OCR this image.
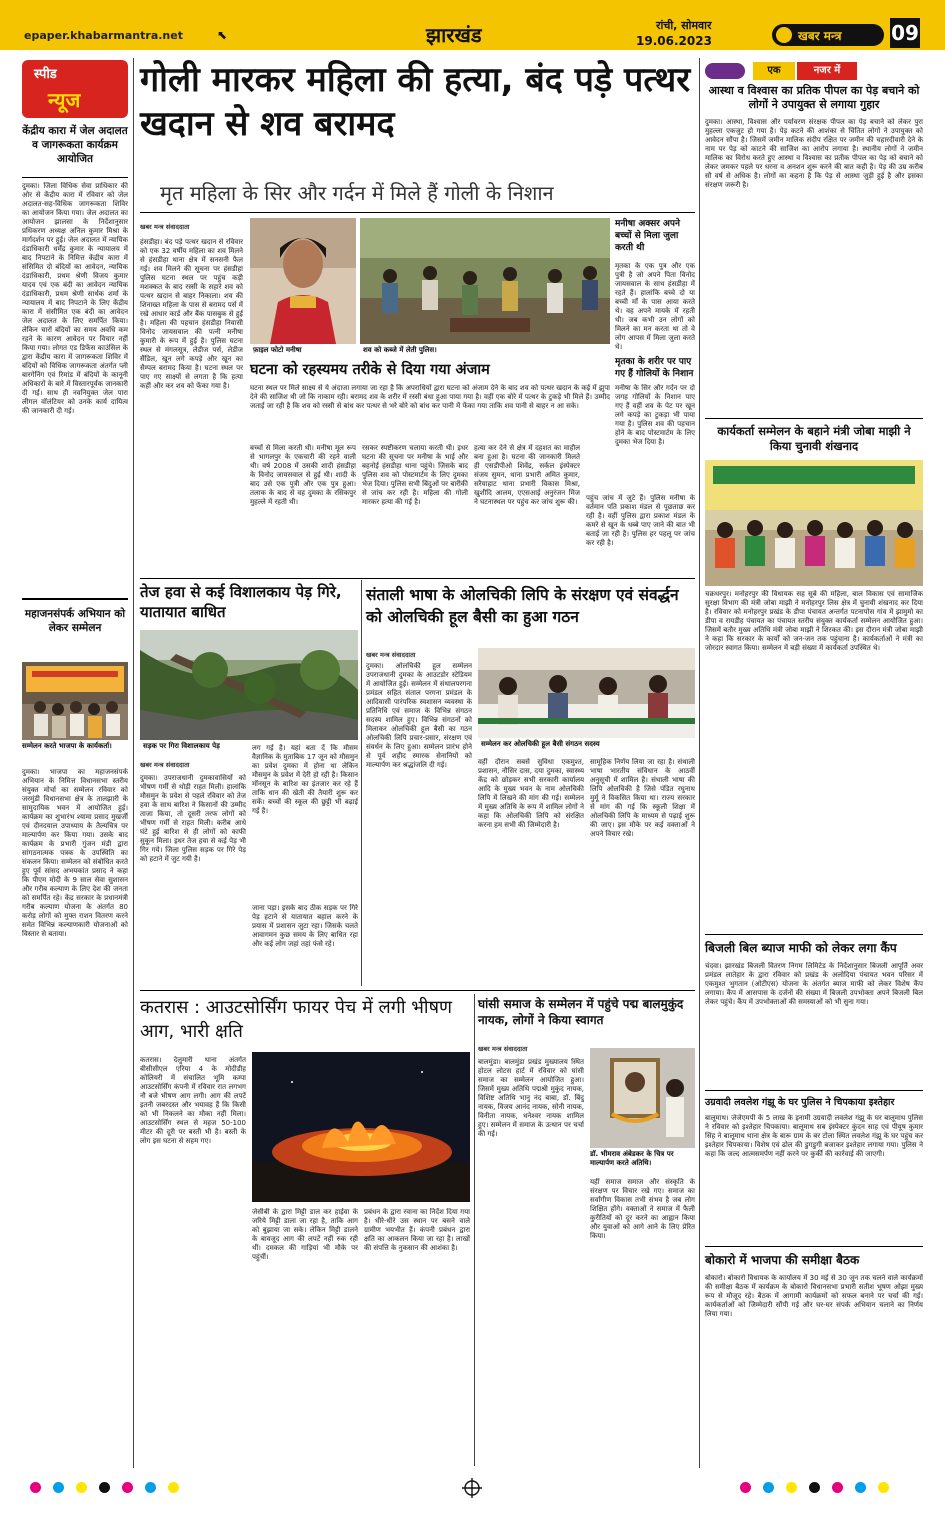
epaper.khabarmantra.net	⬉	झारखंड	रांची, सोमवार
19.06.2023	खबर मन्त्र 09
स्पीड
न्यूज
केंद्रीय कारा में जेल अदालत व जागरूकता कार्यक्रम आयोजित
दुमका। जिला विधिक सेवा प्राधिकार की ओर से केंद्रीय कारा में रविवार को जेल अदालत-सह-विधिक जागरूकता शिविर का आयोजन किया गया। जेल अदालत का आयोजन झालसा के निर्देशानुसार प्रधिकरण अध्यक्ष अनिल कुमार मिश्रा के मार्गदर्शन पर हुई। जेल अदालत में न्यायिक दंडाधिकारी धर्मेंद्र कुमार के न्यायालय में बाद निपटाने के निमित्त केंद्रीय कारा में संसिमित दो बंदियों का आवेदन, न्यायिक दंडाधिकारी, प्रथम श्रेणी विजय कुमार यादव एवं एक बंदी का आवेदन न्यायिक दंडाधिकारी, प्रथम श्रेणी सार्थक शर्मा के न्यायालय में बाद निपटाने के लिए केंद्रीय कारा में संसीमित एक बंदी का आवेदन जेल अदालत के लिए समर्पित किया। लेकिन चारों बंदियों का समय अवधि कम रहने के कारण आवेदन पर विचार नहीं किया गया। लोगत एड डिफेंस काउंसिल के द्वारा केंद्रीय कारा में जागरूकता शिविर में बंदियों को विधिक जागरूकता अंतर्गत प्ली बारगेनिंग एवं रिमांड में बंदियों के कानूनी अधिकारों के बारे में विस्तारपूर्वक जानकारी दी गई। साथ ही नवनियुक्त जेल पारा लीगल वॉलंटियर को उनके कार्य दायित्व की जानकारी दी गई।
महाजनसंपर्क अभियान को लेकर सम्मेलन
सम्मेलन करते भाजपा के कार्यकर्ता।
दुमका। भाजपा का महाजनसंपर्क अभियान के निमित्त विधानसभा स्तरीय संयुक्त मोर्चा का सम्मेलन रविवार को जरमुंडी विधानसभा क्षेत्र के तालझारी के सामुदायिक भवन में आयोजित हुई। कार्यक्रम का शुभारंभ श्यामा प्रसाद मुखर्जी एवं दीनदयाल उपाध्याय के तैल्यचित्र पर माल्यार्पण कर किया गया। उसके बाद कार्यक्रम के प्रभारी गुंजन मंडी द्वारा सांगठनात्मक पत्रक के उपस्थिति का संकलन किया। सम्मेलन को संबोधित करते हुए पूर्व सांसद अभयकांत प्रसाद ने कहा कि पीएम मोदी के 9 साल सेवा सुशासन और गरीब कल्याण के लिए देश की जनता को समर्पित रहे। केंद्र सरकार के प्रधानमंत्री गरीब कल्याण योजना के अंतर्गत 80 करोड़ लोगों को मुफ्त राशन वितरण करने समेत विभिन्न कल्याणकारी योजनाओं को विस्तार से बताया।
गोली मारकर महिला की हत्या, बंद पड़े पत्थर खदान से शव बरामद
मृत महिला के सिर और गर्दन में मिले हैं गोली के निशान
खबर मन्त्र संवाददाता
हंसडीहा। बंद पड़े पत्थर खदान से रविवार को एक 32 वर्षीय महिला का शव मिलने से हंसडीहा थाना क्षेत्र में सनसनी फैल गई। शव मिलने की सूचना पर हंसडीहा पुलिस घटना स्थल पर पहुंच कड़ी मशक्कत के बाद रस्सी के सहारे शव को पत्थर खदान से बाहर निकाला। शव की शिनाख्त महिला के पास से बरामद पर्स में रखे आधार कार्ड और बैंक पासबुक से हुई है। महिला की पहचान हंसडीहा निवासी विनोद जायसवाल की पत्नी मनीषा कुमारी के रूप में हुई है। पुलिस घटना स्थल से मंगलसूत्र, लेडीज पर्स, लेडीज सैंडिल, खून लगे कपड़े और खून का सैम्पल बरामद किया है। घटना स्थल पर पाए गए साक्ष्यों से लगता है कि हत्या कहीं और कर शव को फेंका गया है।
फ़ाइल फोटो मनीषा	शव को कब्जे में लेती पुलिस।
मनीषा अक्सर अपने बच्चों से मिला जुला करती थी
मृतका के एक पुत्र और एक पुत्री है जो अपने पिता विनोद जायसवाल के साथ हंसडीहा में रहते हैं। हालांकि बच्चे दो या बच्ची माँ के पास आया करते थे। वह अपने मायके में रहती थी। जब कभी उन लोगों को मिलने का मन करता था तो वे लोग आपस में मिला जुला करते थे।
घटना को रहस्यमय तरीके से दिया गया अंजाम
घटना स्थल पर मिले साक्ष्य से ये अंदाजा लगाया जा रहा है कि अपराधियों द्वारा घटना को अंजाम देने के बाद शव को पत्थर खदान के कई में झुपा देने की साजिश थी जो कि नाकाम रही। बरामद शव के शरीर में रस्सी बंधा हुआ पाया गया है। वहीं एक बोरे में पत्थर के टुकड़े भी मिले हैं। उम्मीद जताई जा रही है कि शव को रस्सी से बांध कर पत्थर से भरे बोरे को बांध कर पानी में फेंका गया ताकि शव पानी से बाहर न आ सके।
मृतका के शरीर पर पाए गए हैं गोलियों के निशान
मनीषा के सिर और गर्दन पर दो जगह गोलियों के निशान पाए गए हैं वहीं शव के पेट पर खून लगे कपड़े का टुकड़ा भी पाया गया है। पुलिस शव की पहचान होने के बाद पोस्टमार्टम के लिए दुमका भेज दिया है।
बच्चों से मिला करती थी। मनीषा मूल रूप से भागलपुर के एकचारी की रहने वाली थी। वर्ष 2008 में उसकी शादी हंसडीहा के विनोद जायसवाल से हुई थी। शादी के बाद उसे एक पुत्री और एक पुत्र हुआ। तलाक के बाद से वह दुमका के रसिकपुर मुहल्ले में रहती थी।
रसकर स्पष्टीकरण चलाया करती थी। इधर घटना की सूचना पर मनीषा के भाई और बहनोई हंसडीहा थाना पहुंचे। जिसके बाद पुलिस शव को पोस्टमार्टम के लिए दुमका भेज दिया। पुलिस सभी बिंदुओं पर बारीकी से जांच कर रही है। महिला की गोली मारकर हत्या की गई है।
हत्या कर देने से क्षेत्र में दहशत का माहौल बना हुआ है। घटना की जानकारी मिलते ही एसडीपीओ शिवेंद्र, सर्कल इंस्पेक्टर संजय सुमन, थाना प्रभारी अमित कुमार, सरैयाहाट थाना प्रभारी विकास मिश्रा, खुशीदि आलम, एएसआई अनुरंजन मिंज ने घटनास्थल पर पहुंच कर जांच शुरू की।	पहुंच जांच में जुटे हैं। पुलिस मनीषा के वर्तमान पति प्रकाश मंडल से पूछताछ कर रही है। वहीं पुलिस द्वारा प्रकाश मंडल के कमरे से खून के धब्बे पाए जाने की बात भी बताई जा रही है। पुलिस हर पहलू पर जांच कर रही है।
तेज हवा से कई विशालकाय पेड़ गिरे, यातायात बाधित
सड़क पर गिरा विशालकाय पेड़
खबर मन्त्र संवाददाता
दुमका। उपराजधानी दुमकावासियों को भीषण गर्मी से थोड़ी राहत मिली। हालांकि मौसमुन के प्रवेश से पहले रविवार को तेज हवा के साथ बारिश ने किसानों की उम्मीद ताजा किया, तो दूसरी तरफ लोगों को भीषण गर्मी से राहत मिली। करीब आधे घंटे हुई बारिश से ही लोगों को काफी सुकून मिला। इधर तेज हवा से कई पेड़ भी गिर गये। जिला पुलिस सड़क पर गिरे पेड़ को हटाने में जुट गयी है।
लग गई है। यहां बता दें कि मौसम वैज्ञानिक के मुताबिक 17 जून को मौसमुन का प्रवेश दुमका में होना था लेकिन मौसमुन के प्रवेश में देरी हो रही है। किसान मॉनसून के बारिश का इंतजार कर रहे हैं ताकि धान की खेती की तैयारी शुरू कर सकें। बच्चों की स्कूल की छुट्टी भी बढ़ाई गई है।
जाना पड़ा। इसके बाद ठीक सड़क पर गिरे पेड़ हटाने से यातायात बहाल करने के प्रयास में प्रशासन जुटा रहा। जिसके चलते आवागमन कुछ समय के लिए बाधित रहा और कई लोग जहां तहां फंसे रहे।
संताली भाषा के ओलचिकी लिपि के संरक्षण एवं संवर्द्धन को ओलचिकी हूल बैसी का हुआ गठन
खबर मन्त्र संवाददाता
दुमका। ओलचिकी हूल सम्मेलन उपराजधानी दुमका के आउटडोर स्टेडियम में आयोजित हुई। सम्मेलन में संथालपरगना प्रमंडल सहित संताल परगना प्रमंडल के आदिवासी पारंपरिक स्वशासन व्यवस्था के प्रतिनिधि एवं समाज के विभिन्न संगठन सदस्य शामिल हुए। विभिन्न संगठनों को मिलाकर ओलचिकी हूल बैसी का गठन ओलचिकी लिपि प्रचार-प्रसार, संरक्षण एवं संवर्धन के लिए हुआ। सम्मेलन प्रारंभ होने से पूर्व शहीद स्मारक सेनानियों को माल्यार्पण कर श्रद्धांजलि दी गई।
सम्मेलन कर ओलचिकी हूल बैसी संगठन सदस्य
वहीं दौरान सबसे सुविधा एकमुश्त, प्रशासन, नौसिर दास, दया दुमका, स्वास्थ्य केंद्र को छोड़कर सभी सरकारी कार्यालय आदि के मुख्य भवन के नाम ओलचिकी लिपि में लिखने की मांग की गई। सम्मेलन में मुख्य अतिथि के रूप में शामिल लोगों ने कहा कि ओलचिकी लिपि को संरक्षित करना हम सभी की जिम्मेदारी है।
सामूहिक निर्णय लिया जा रहा है। संथाली भाषा भारतीय संविधान के आठवीं अनुसूची में शामिल है। संथाली भाषा की लिपि ओलचिकी है जिसे पंडित रघुनाथ मुर्मू ने विकसित किया था। राज्य सरकार से मांग की गई कि स्कूली शिक्षा में ओलचिकी लिपि के माध्यम से पढ़ाई शुरू की जाए। इस मौके पर कई वक्ताओं ने अपने विचार रखे।
कतरास : आउटसोर्सिंग फायर पेच में लगी भीषण आग, भारी क्षति
कतरास। देलुमारी थाना अंतर्गत बीसीसीएल एरिया 4 के मोदीडीह कोलियरी में संचालित भूमि कम्पा आउटसोर्सिंग कंपनी में रविवार रात लगभग नौ बजे भीषण आग लगी। आग की लपटें इतनी जबरदस्त और भयावह हैं कि किसी को भी निकलने का मौका नहीं मिला। आउटसोर्सिंग स्थल से महज 50-100 मीटर की दूरी पर बस्ती भी है। बस्ती के लोग इस घटना से सहम गए।
जेसीबी के द्वारा मिट्टी डाल कर हाईवा के जरिये मिट्टी डाला जा रहा है, ताकि आग को बुझाया जा सके। लेकिन मिट्टी डालने के बावजूद आग की लपटें नहीं रुक रही थीं। दमकल की गाड़ियां भी मौके पर पहुंचीं।
प्रबंधन के द्वारा रवाना का निर्देश दिया गया है। धीरे-धीरे उस स्थान पर बसने वाले ग्रामीण भयभीत हैं। कंपनी प्रबंधन द्वारा क्षति का आकलन किया जा रहा है। लाखों की संपत्ति के नुकसान की आशंका है।
घांसी समाज के सम्मेलन में पहुंचे पद्म बालमुकुंद नायक, लोगों ने किया स्वागत
खबर मन्त्र संवाददाता
बालमुंडा। बालमुंडा प्रखंड मुख्यालय स्थित होटल लोटस हार्ट में रविवार को घांसी समाज का सम्मेलन आयोजित हुआ। जिसमें मुख्य अतिथि पद्मश्री मुकुंद नायक, विशिष्ट अतिथि भानु नंद बाबा, डॉ. बिंदु नायक, विजय आनंद नायक, सोनी नायक, विनीता नायक, धनेश्वर नायक शामिल हुए। सम्मेलन में समाज के उत्थान पर चर्चा की गई।
डॉ. भीमराव अंबेडकर के चित्र पर माल्यार्पण करते अतिथि।
यहीं समाज समाज और संस्कृति के संरक्षण पर विचार रखे गए। समाज का सर्वांगीण विकास तभी संभव है जब लोग शिक्षित होंगे। वक्ताओं ने समाज में फैली कुरीतियों को दूर करने का आह्वान किया और युवाओं को आगे आने के लिए प्रेरित किया।
एक	नजर में
आस्था व विश्वास का प्रतिक पीपल का पेड़ बचाने को लोगों ने उपायुक्त से लगाया गुहार
दुमका। आस्था, विश्वास और पर्यावरण संरक्षक पीपल का पेड़ बचाने को लेकर पुरा मुहल्ला एकजुट हो गया है। पेड़ कटने की आशंका से चिंतित लोगों ने उपायुक्त को आवेदन सौंपा है। जिसमें जमीन मालिक संदीप रक्षित पर जमीन की चहारदीवारी देने के नाम पर पेड़ को काटने की साजिश का आरोप लगाया है। स्थानीय लोगों ने जमीन मालिक का विरोध करते हुए आस्था व विश्वास का प्रतीक पीपल का पेड़ को बचाने को लेकर जमकर पहले पर धरना व अनशन शुरू करने की बात कही है। पेड़ की उम्र करीब सौ वर्ष से अधिक है। लोगों का कहना है कि पेड़ से आस्था जुड़ी हुई है और इसका संरक्षण जरूरी है।
कार्यकर्ता सम्मेलन के बहाने मंत्री जोबा माझी ने किया चुनावी शंखनाद
चक्रधरपुर। मनोहरपुर की विधायक सह सूबे की महिला, बाल विकास एवं सामाजिक सुरक्षा विभाग की मंत्री जोबा माझी ने मनोहरपुर लिस क्षेत्र में चुनावी शंखनाद कर दिया है। रविवार को मनोहरपुर प्रखंड के डीपा पंचायत अन्तर्गत पटनापोस गांव में झामुमो का डीपा व रायडीह पंचायत का पंचायत स्तरीय संयुक्त कार्यकर्ता सम्मेलन आयोजित हुआ। जिसमें बतौर मुख्य अतिथि मंत्री जोबा माझी ने शिरकत की। इस दौरान मंत्री जोबा माझी ने कहा कि सरकार के कार्यों को जन-जन तक पहुंचाना है। कार्यकर्ताओं ने मंत्री का जोरदार स्वागत किया। सम्मेलन में बड़ी संख्या में कार्यकर्ता उपस्थित थे।
बिजली बिल ब्याज माफी को लेकर लगा कैंप
चंदवा। झारखंड बिजली वितरण निगम लिमिटेड के निर्देशानुसार बिजली आपूर्ति अवर प्रमंडल लातेहार के द्वारा रविवार को प्रखंड के अलोदिया पंचायत भवन परिसर में एकमुश्त भुगतान (ओटीएस) योजना के अंतर्गत ब्याज माफी को लेकर विशेष कैंप लगाया। कैंप में आसपास के दर्जनों की संख्या में बिजली उपभोक्ता अपने बिजली बिल लेकर पहुंचे। कैंप में उपभोक्ताओं की समस्याओं को भी सुना गया।
उग्रवादी लवलेश गंझू के घर पुलिस ने चिपकाया इश्तेहार
बालूमाथ। जेजेएमपी के 5 लाख के इनामी उग्रवादी लवलेश गंझू के घर बालूमाथ पुलिस ने रविवार को इश्तेहार चिपकाया। बालूमाथ सब इंस्पेक्टर कुंदन साह एवं पीयूष कुमार सिंह ने बालूमाथ थाना क्षेत्र के बारू ग्राम के बर टोला स्थित लवलेश गंझू के घर पहुंच कर इश्तेहार चिपकाया। विशेष एवं ढोल की डुगडुगी बजाकर इश्तेहार लगाया गया। पुलिस ने कहा कि जल्द आत्मसमर्पण नहीं करने पर कुर्की की कार्रवाई की जाएगी।
बोकारो में भाजपा की समीक्षा बैठक
बोकारो। बोकारो विधायक के कार्यालय में 30 मई से 30 जून तक चलने वाले कार्यक्रमों की समीक्षा बैठक में कार्यक्रम के बोकारो विधानसभा प्रभारी सतीश भूषण ओझा मुख्य रूप से मौजूद रहे। बैठक में आगामी कार्यक्रमों को सफल बनाने पर चर्चा की गई। कार्यकर्ताओं को जिम्मेदारी सौंपी गई और घर-घर संपर्क अभियान चलाने का निर्णय लिया गया।
